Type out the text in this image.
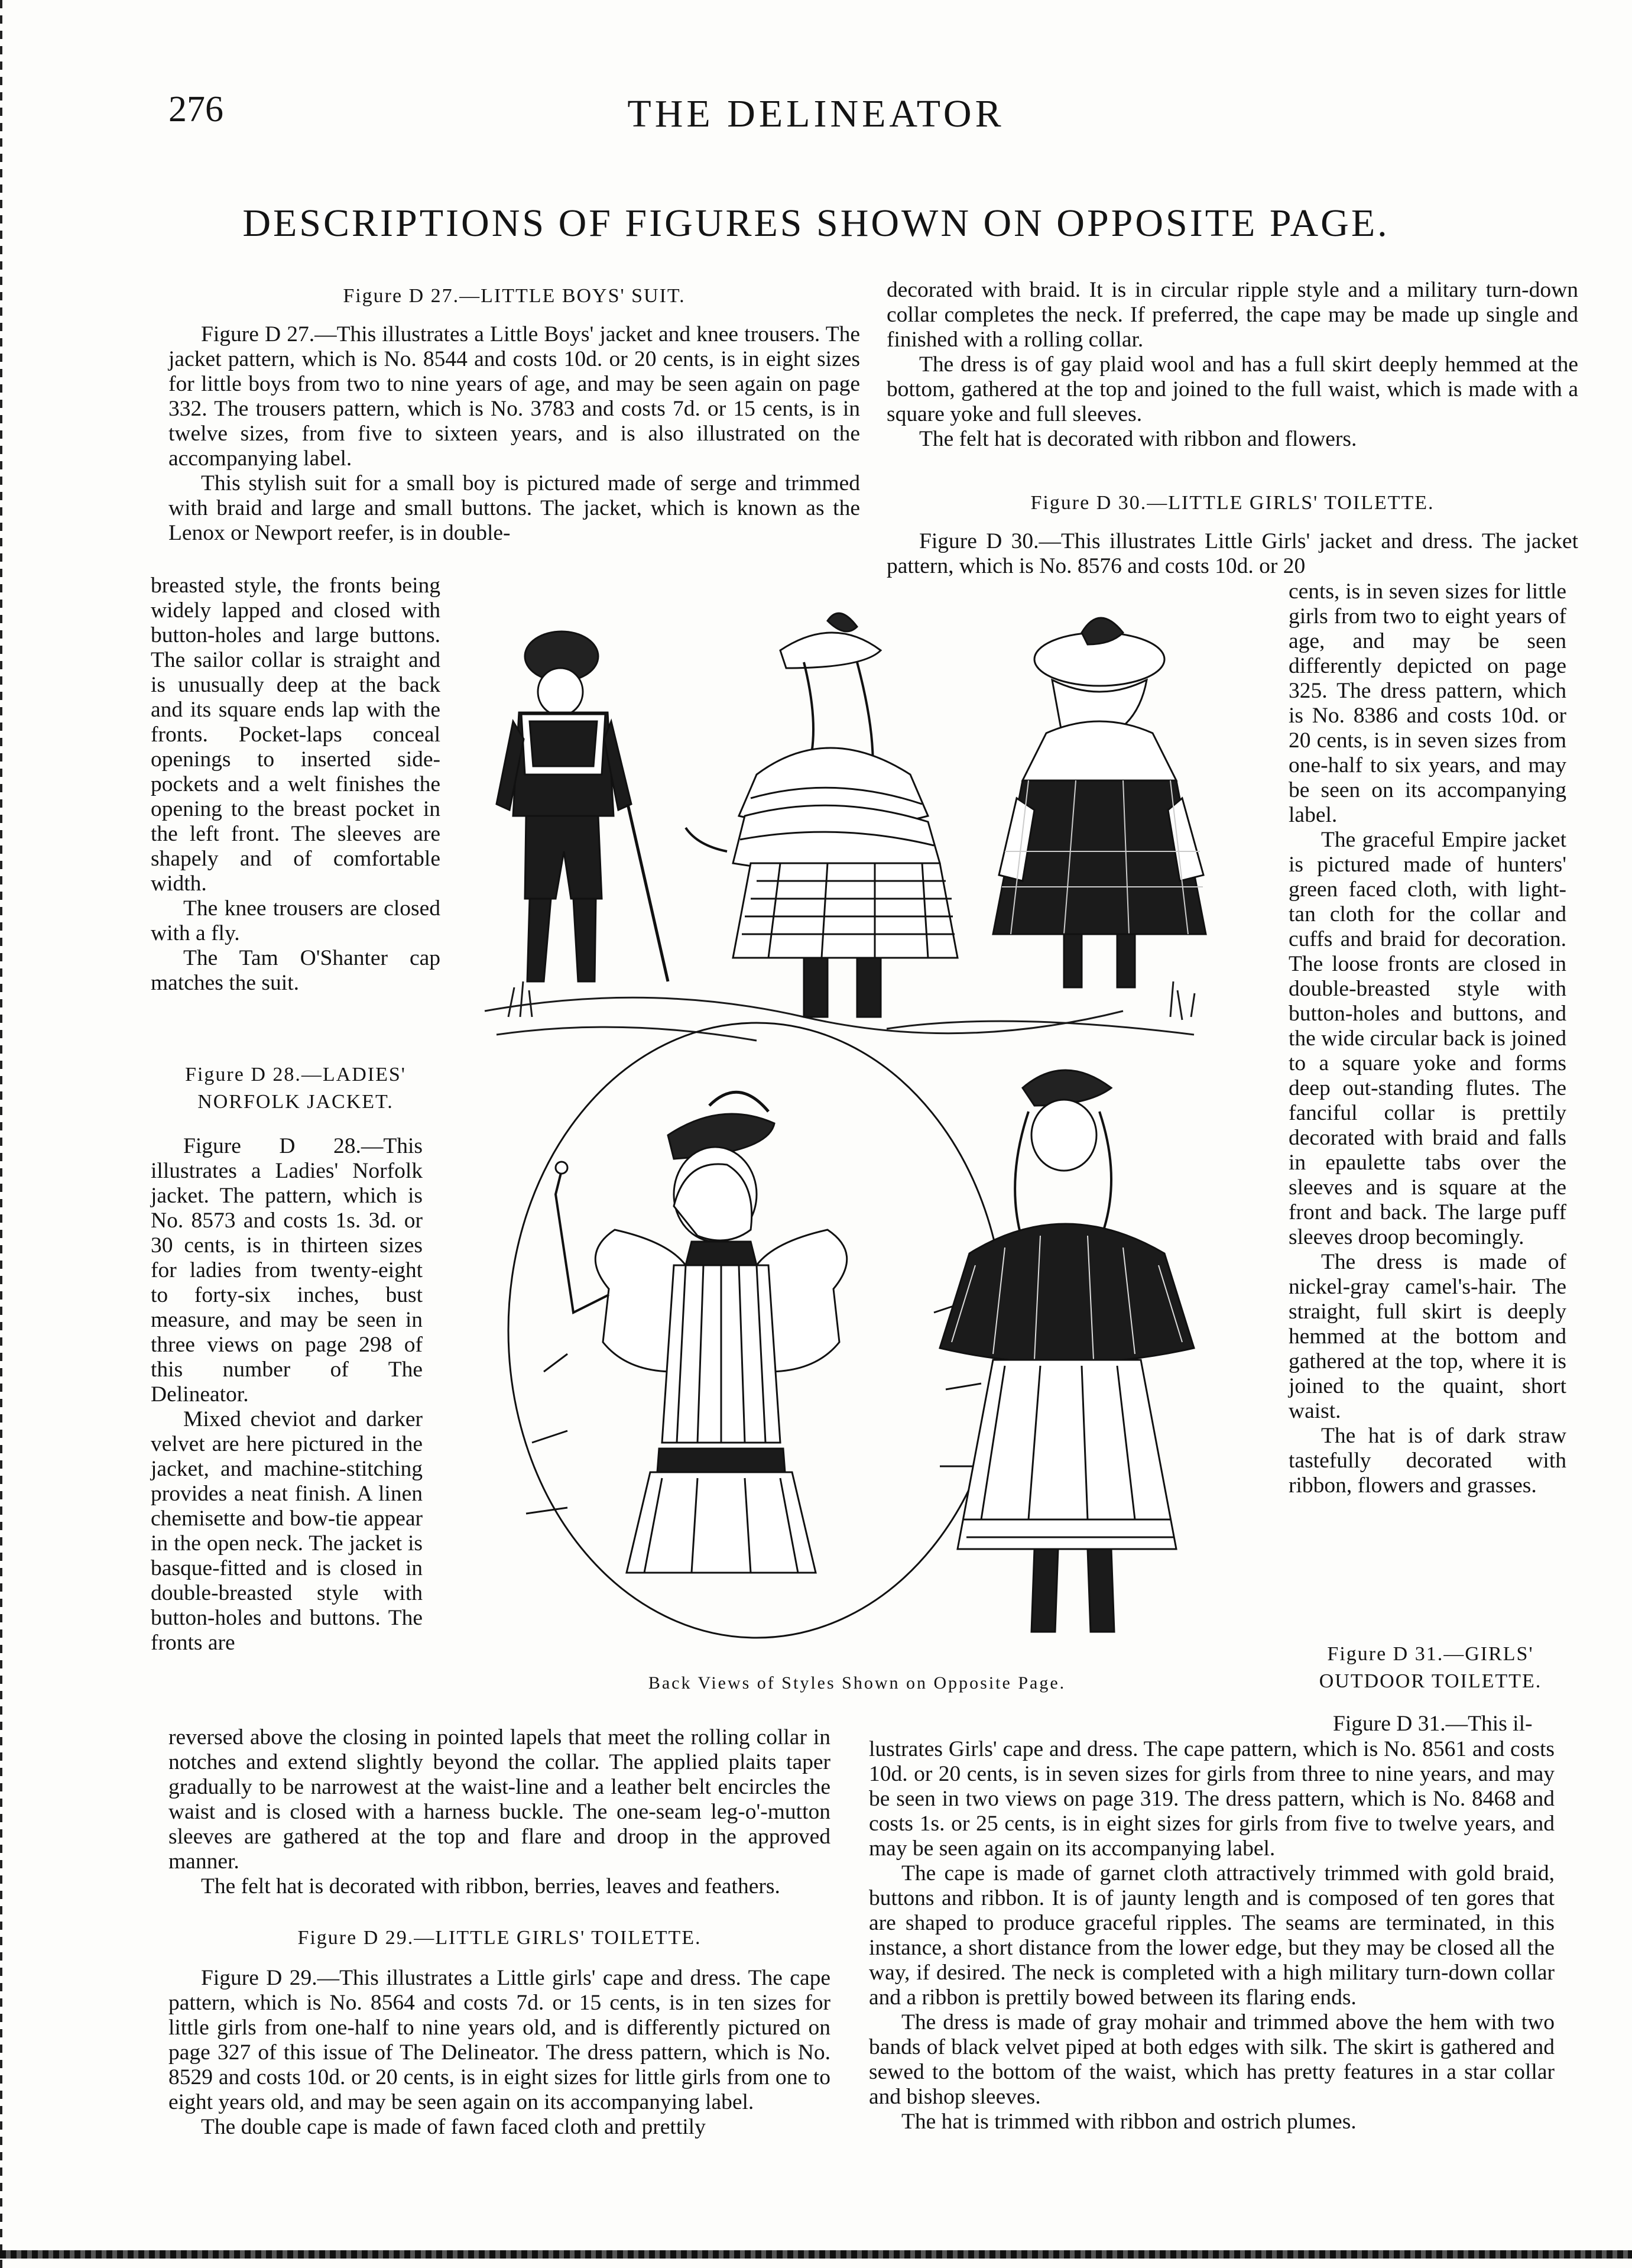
276	THE DELINEATOR
DESCRIPTIONS OF FIGURES SHOWN ON OPPOSITE PAGE.
Figure D 27.—LITTLE BOYS' SUIT.

Figure D 27.—This illustrates a Little Boys' jacket and knee trousers. The jacket pattern, which is No. 8544 and costs 10d. or 20 cents, is in eight sizes for little boys from two to nine years of age, and may be seen again on page 332. The trousers pattern, which is No. 3783 and costs 7d. or 15 cents, is in twelve sizes, from five to sixteen years, and is also illustrated on the accompanying label.

This stylish suit for a small boy is pictured made of serge and trimmed with braid and large and small buttons. The jacket, which is known as the Lenox or Newport reefer, is in double-

breasted style, the fronts being widely lapped and closed with button-holes and large buttons. The sailor collar is straight and is unusually deep at the back and its square ends lap with the fronts. Pocket-laps conceal openings to inserted side-pockets and a welt finishes the opening to the breast pocket in the left front. The sleeves are shapely and of comfortable width.

The knee trousers are closed with a fly.

The Tam O'Shanter cap matches the suit.

Figure D 28.—LADIES' NORFOLK JACKET.

Figure D 28.—This illustrates a Ladies' Norfolk jacket. The pattern, which is No. 8573 and costs 1s. 3d. or 30 cents, is in thirteen sizes for ladies from twenty-eight to forty-six inches, bust measure, and may be seen in three views on page 298 of this number of The Delineator.

Mixed cheviot and darker velvet are here pictured in the jacket, and machine-stitching provides a neat finish. A linen chemisette and bow-tie appear in the open neck. The jacket is basque-fitted and is closed in double-breasted style with button-holes and buttons. The fronts are

reversed above the closing in pointed lapels that meet the rolling collar in notches and extend slightly beyond the collar. The applied plaits taper gradually to be narrowest at the waist-line and a leather belt encircles the waist and is closed with a harness buckle. The one-seam leg-o'-mutton sleeves are gathered at the top and flare and droop in the approved manner.

The felt hat is decorated with ribbon, berries, leaves and feathers.

Figure D 29.—LITTLE GIRLS' TOILETTE.

Figure D 29.—This illustrates a Little girls' cape and dress. The cape pattern, which is No. 8564 and costs 7d. or 15 cents, is in ten sizes for little girls from one-half to nine years old, and is differently pictured on page 327 of this issue of The Delineator. The dress pattern, which is No. 8529 and costs 10d. or 20 cents, is in eight sizes for little girls from one to eight years old, and may be seen again on its accompanying label.

The double cape is made of fawn faced cloth and prettily

decorated with braid. It is in circular ripple style and a military turn-down collar completes the neck. If preferred, the cape may be made up single and finished with a rolling collar.

The dress is of gay plaid wool and has a full skirt deeply hemmed at the bottom, gathered at the top and joined to the full waist, which is made with a square yoke and full sleeves.

The felt hat is decorated with ribbon and flowers.

Figure D 30.—LITTLE GIRLS' TOILETTE.

Figure D 30.—This illustrates Little Girls' jacket and dress. The jacket pattern, which is No. 8576 and costs 10d. or 20

cents, is in seven sizes for little girls from two to eight years of age, and may be seen differently depicted on page 325. The dress pattern, which is No. 8386 and costs 10d. or 20 cents, is in seven sizes from one-half to six years, and may be seen on its accompanying label.

The graceful Empire jacket is pictured made of hunters' green faced cloth, with light-tan cloth for the collar and cuffs and braid for decoration. The loose fronts are closed in double-breasted style with button-holes and buttons, and the wide circular back is joined to a square yoke and forms deep out-standing flutes. The fanciful collar is prettily decorated with braid and falls in epaulette tabs over the sleeves and is square at the front and back. The large puff sleeves droop becomingly.

The dress is made of nickel-gray camel's-hair. The straight, full skirt is deeply hemmed at the bottom and gathered at the top, where it is joined to the quaint, short waist.

The hat is of dark straw tastefully decorated with ribbon, flowers and grasses.

Figure D 31.—GIRLS' OUTDOOR TOILETTE.

Figure D 31.—This il-

lustrates Girls' cape and dress. The cape pattern, which is No. 8561 and costs 10d. or 20 cents, is in seven sizes for girls from three to nine years, and may be seen in two views on page 319. The dress pattern, which is No. 8468 and costs 1s. or 25 cents, is in eight sizes for girls from five to twelve years, and may be seen again on its accompanying label.

The cape is made of garnet cloth attractively trimmed with gold braid, buttons and ribbon. It is of jaunty length and is composed of ten gores that are shaped to produce graceful ripples. The seams are terminated, in this instance, a short distance from the lower edge, but they may be closed all the way, if desired. The neck is completed with a high military turn-down collar and a ribbon is prettily bowed between its flaring ends.

The dress is made of gray mohair and trimmed above the hem with two bands of black velvet piped at both edges with silk. The skirt is gathered and sewed to the bottom of the waist, which has pretty features in a star collar and bishop sleeves.

The hat is trimmed with ribbon and ostrich plumes.

Back Views of Styles Shown on Opposite Page.
